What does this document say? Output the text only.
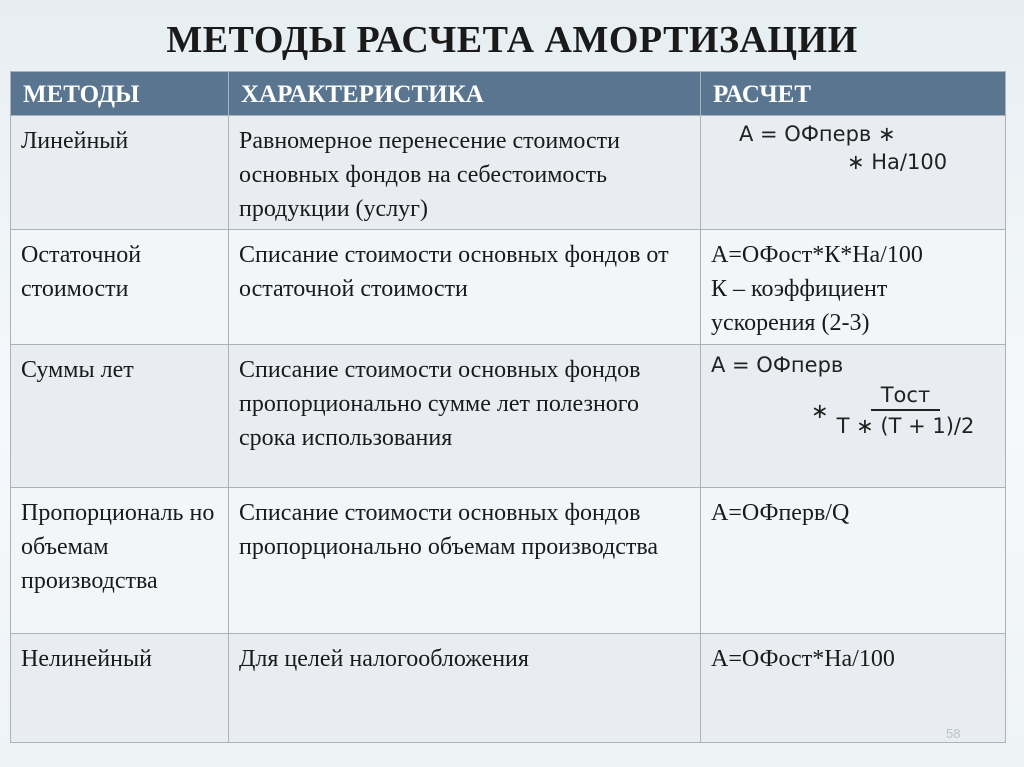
МЕТОДЫ РАСЧЕТА АМОРТИЗАЦИИ
МЕТОДЫ	ХАРАКТЕРИСТИКА	РАСЧЕТ
Линейный	Равномерное перенесение стоимости основных фондов на себестоимость продукции (услуг)	А = ОФперв ∗
∗ На/100

Остаточной стоимости	Списание стоимости основных фондов от остаточной стоимости	А=ОФост*К*На/100
К – коэффициент ускорения (2-3)
Суммы лет	Списание стоимости основных фондов пропорционально сумме лет полезного срока использования	А = ОФперв
∗ $\frac{\text{Тост}}{Т ∗ (Т + 1)/2}$

Пропорциональ но объемам производства	Списание стоимости основных фондов пропорционально объемам производства	А=ОФперв/Q
Нелинейный	Для целей налогообложения	А=ОФост*На/100
58
